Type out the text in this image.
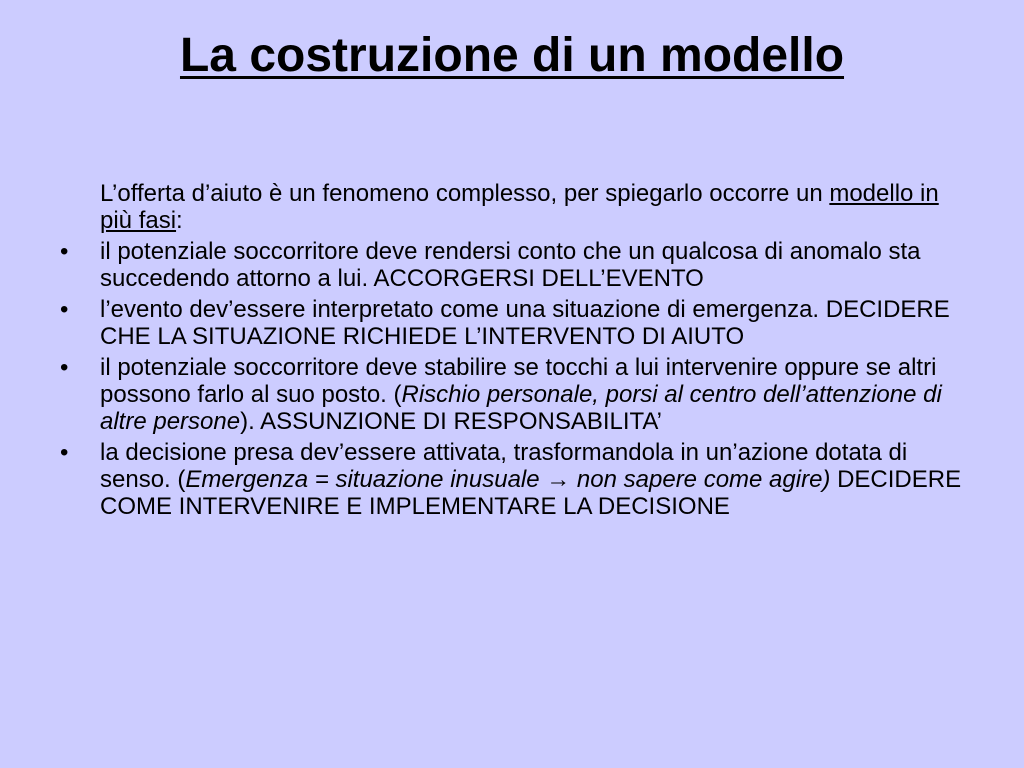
La costruzione di un modello

L’offerta d’aiuto è un fenomeno complesso, per spiegarlo occorre un modello in più fasi:

• il potenziale soccorritore deve rendersi conto che un qualcosa di anomalo sta succedendo attorno a lui. ACCORGERSI DELL’EVENTO
• l’evento dev’essere interpretato come una situazione di emergenza. DECIDERE CHE LA SITUAZIONE RICHIEDE L’INTERVENTO DI AIUTO
• il potenziale soccorritore deve stabilire se tocchi a lui intervenire oppure se altri possono farlo al suo posto. (Rischio personale, porsi al centro dell’attenzione di altre persone). ASSUNZIONE DI RESPONSABILITA’
• la decisione presa dev’essere attivata, trasformandola in un’azione dotata di senso. (Emergenza = situazione inusuale → non sapere come agire) DECIDERE COME INTERVENIRE E IMPLEMENTARE LA DECISIONE
